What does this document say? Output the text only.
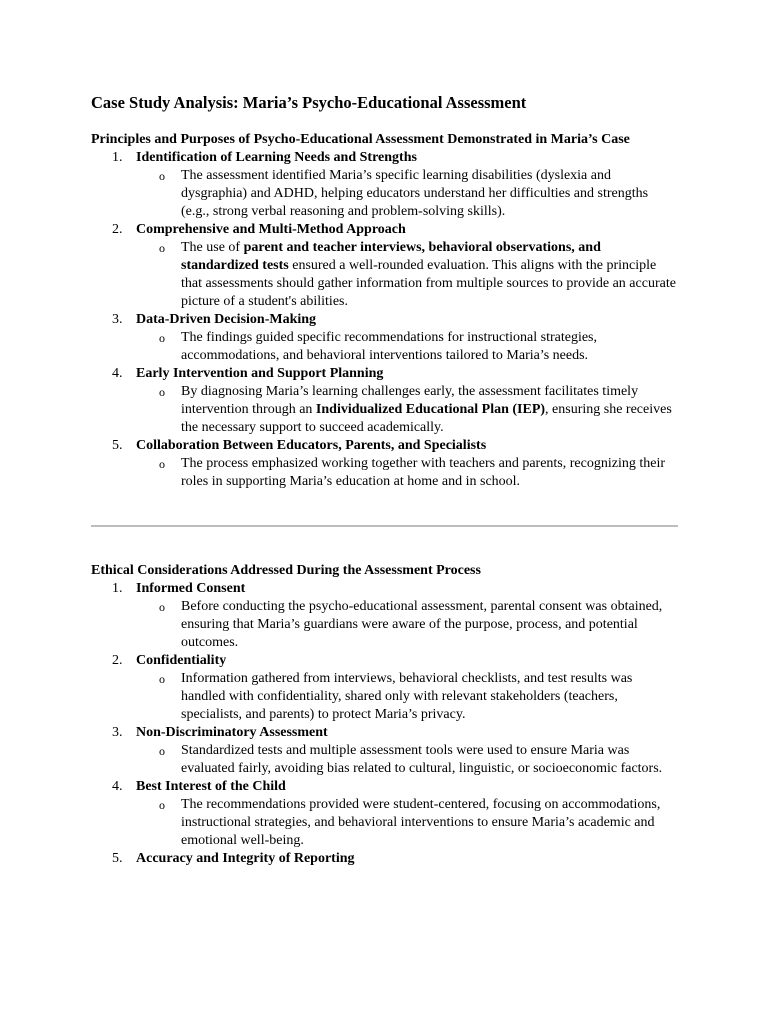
Case Study Analysis: Maria’s Psycho-Educational Assessment
Principles and Purposes of Psycho-Educational Assessment Demonstrated in Maria’s Case
1. Identification of Learning Needs and Strengths
o The assessment identified Maria’s specific learning disabilities (dyslexia and dysgraphia) and ADHD, helping educators understand her difficulties and strengths (e.g., strong verbal reasoning and problem-solving skills).
2. Comprehensive and Multi-Method Approach
o The use of parent and teacher interviews, behavioral observations, and standardized tests ensured a well-rounded evaluation. This aligns with the principle that assessments should gather information from multiple sources to provide an accurate picture of a student's abilities.
3. Data-Driven Decision-Making
o The findings guided specific recommendations for instructional strategies, accommodations, and behavioral interventions tailored to Maria’s needs.
4. Early Intervention and Support Planning
o By diagnosing Maria’s learning challenges early, the assessment facilitates timely intervention through an Individualized Educational Plan (IEP), ensuring she receives the necessary support to succeed academically.
5. Collaboration Between Educators, Parents, and Specialists
o The process emphasized working together with teachers and parents, recognizing their roles in supporting Maria’s education at home and in school.
Ethical Considerations Addressed During the Assessment Process
1. Informed Consent
o Before conducting the psycho-educational assessment, parental consent was obtained, ensuring that Maria’s guardians were aware of the purpose, process, and potential outcomes.
2. Confidentiality
o Information gathered from interviews, behavioral checklists, and test results was handled with confidentiality, shared only with relevant stakeholders (teachers, specialists, and parents) to protect Maria’s privacy.
3. Non-Discriminatory Assessment
o Standardized tests and multiple assessment tools were used to ensure Maria was evaluated fairly, avoiding bias related to cultural, linguistic, or socioeconomic factors.
4. Best Interest of the Child
o The recommendations provided were student-centered, focusing on accommodations, instructional strategies, and behavioral interventions to ensure Maria’s academic and emotional well-being.
5. Accuracy and Integrity of Reporting
